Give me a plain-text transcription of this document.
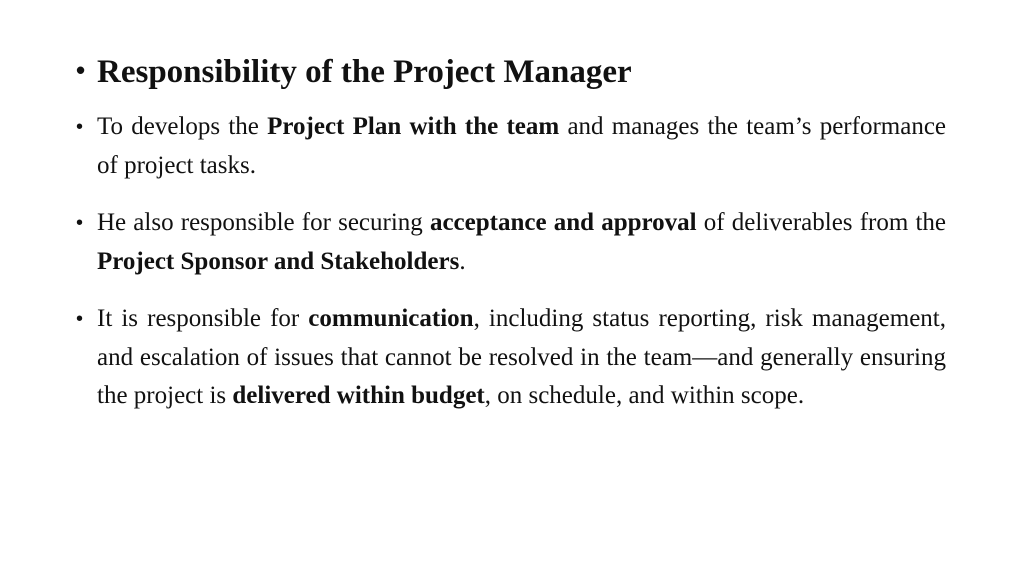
• Responsibility of the Project Manager
• To develops the Project Plan with the team and manages the team’s performance of project tasks.
• He also responsible for securing acceptance and approval of deliverables from the Project Sponsor and Stakeholders.
• It is responsible for communication, including status reporting, risk management, and escalation of issues that cannot be resolved in the team—and generally ensuring the project is delivered within budget, on schedule, and within scope.
